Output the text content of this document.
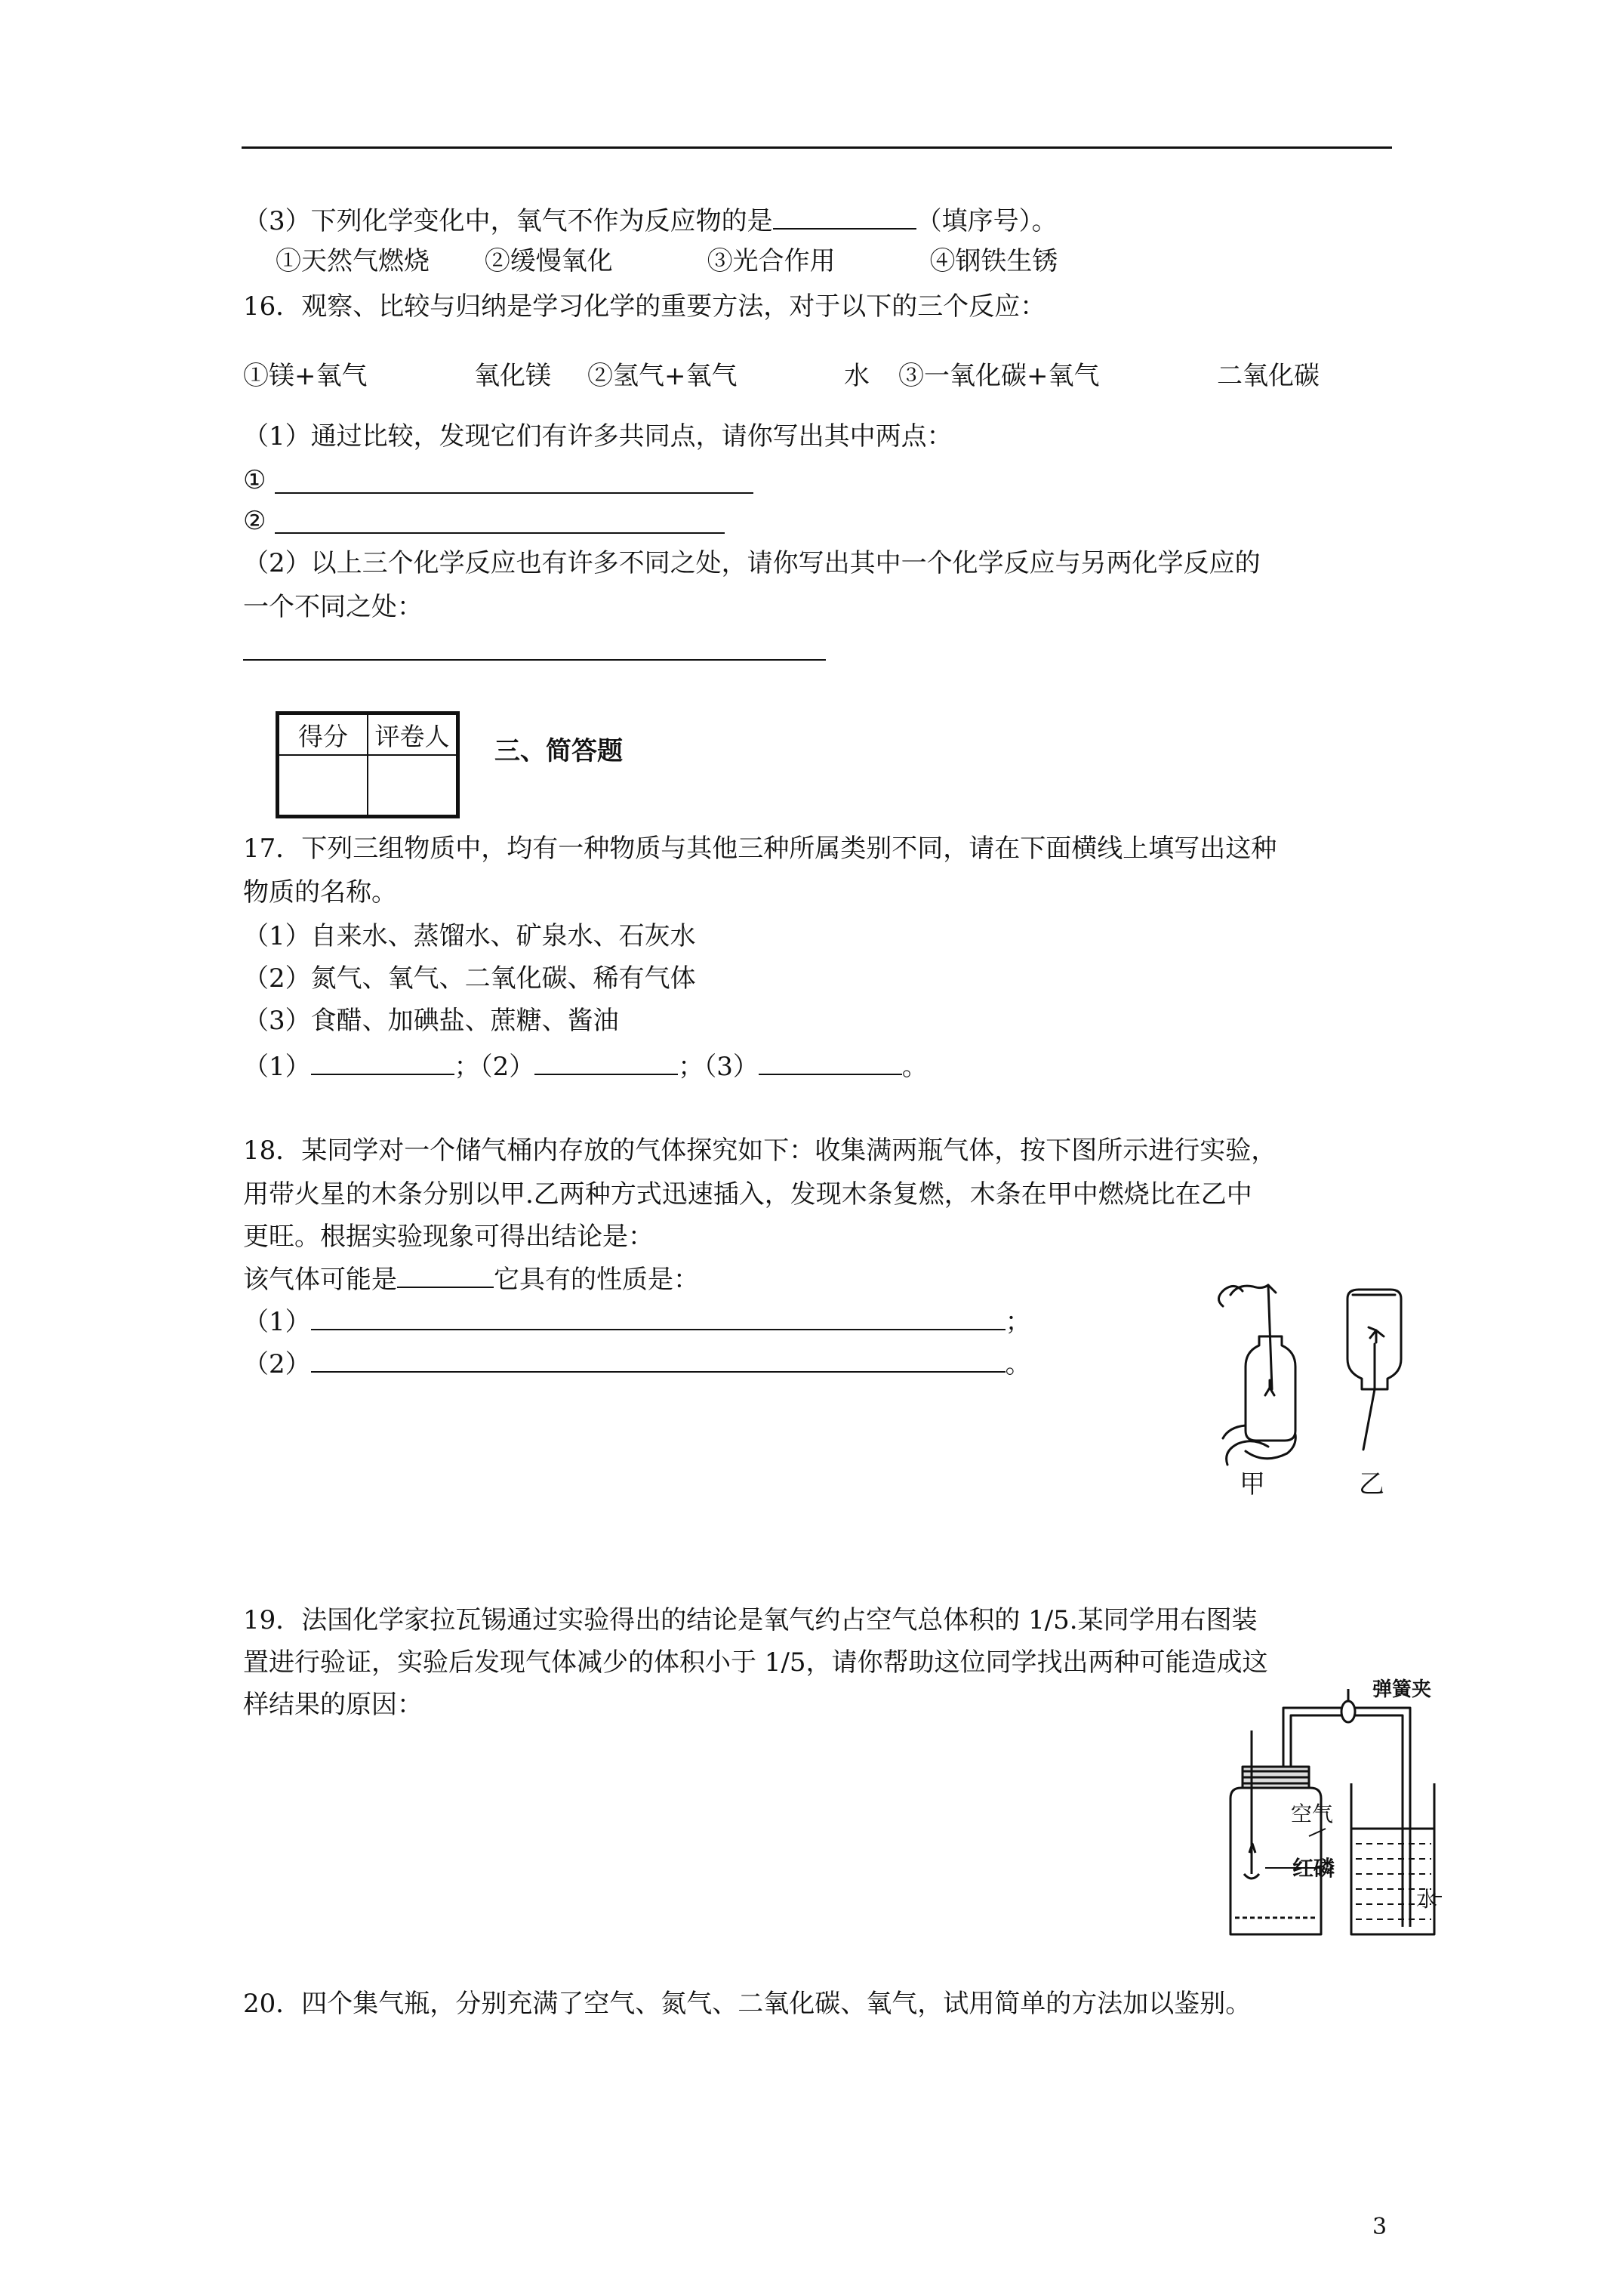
（3）下列化学变化中，氧气不作为反应物的是	（填序号）。
①天然气燃烧 ②缓慢氧化	③光合作用	④钢铁生锈
16．观察、比较与归纳是学习化学的重要方法，对于以下的三个反应：
①镁+氧气	氧化镁 ②氢气+氧气	水 ③一氧化碳+氧气	二氧化碳
（1）通过比较，发现它们有许多共同点，请你写出其中两点：
①
②
（2）以上三个化学反应也有许多不同之处，请你写出其中一个化学反应与另两化学反应的
一个不同之处：
得分	评卷人
	三、简答题
17．下列三组物质中，均有一种物质与其他三种所属类别不同，请在下面横线上填写出这种
物质的名称。
（1）自来水、蒸馏水、矿泉水、石灰水
（2）氮气、氧气、二氧化碳、稀有气体
（3）食醋、加碘盐、蔗糖、酱油
（1）	；（2）	；（3）	。
18．某同学对一个储气桶内存放的气体探究如下：收集满两瓶气体，按下图所示进行实验，
用带火星的木条分别以甲.乙两种方式迅速插入，发现木条复燃，木条在甲中燃烧比在乙中
更旺。根据实验现象可得出结论是：
该气体可能是	它具有的性质是：
（1）	；
（2）	。
甲	乙
19．法国化学家拉瓦锡通过实验得出的结论是氧气约占空气总体积的 1/5.某同学用右图装
置进行验证，实验后发现气体减少的体积小于 1/5，请你帮助这位同学找出两种可能造成这
样结果的原因：
弹簧夹
空气
红磷
水
20．四个集气瓶，分别充满了空气、氮气、二氧化碳、氧气，试用简单的方法加以鉴别。
3
